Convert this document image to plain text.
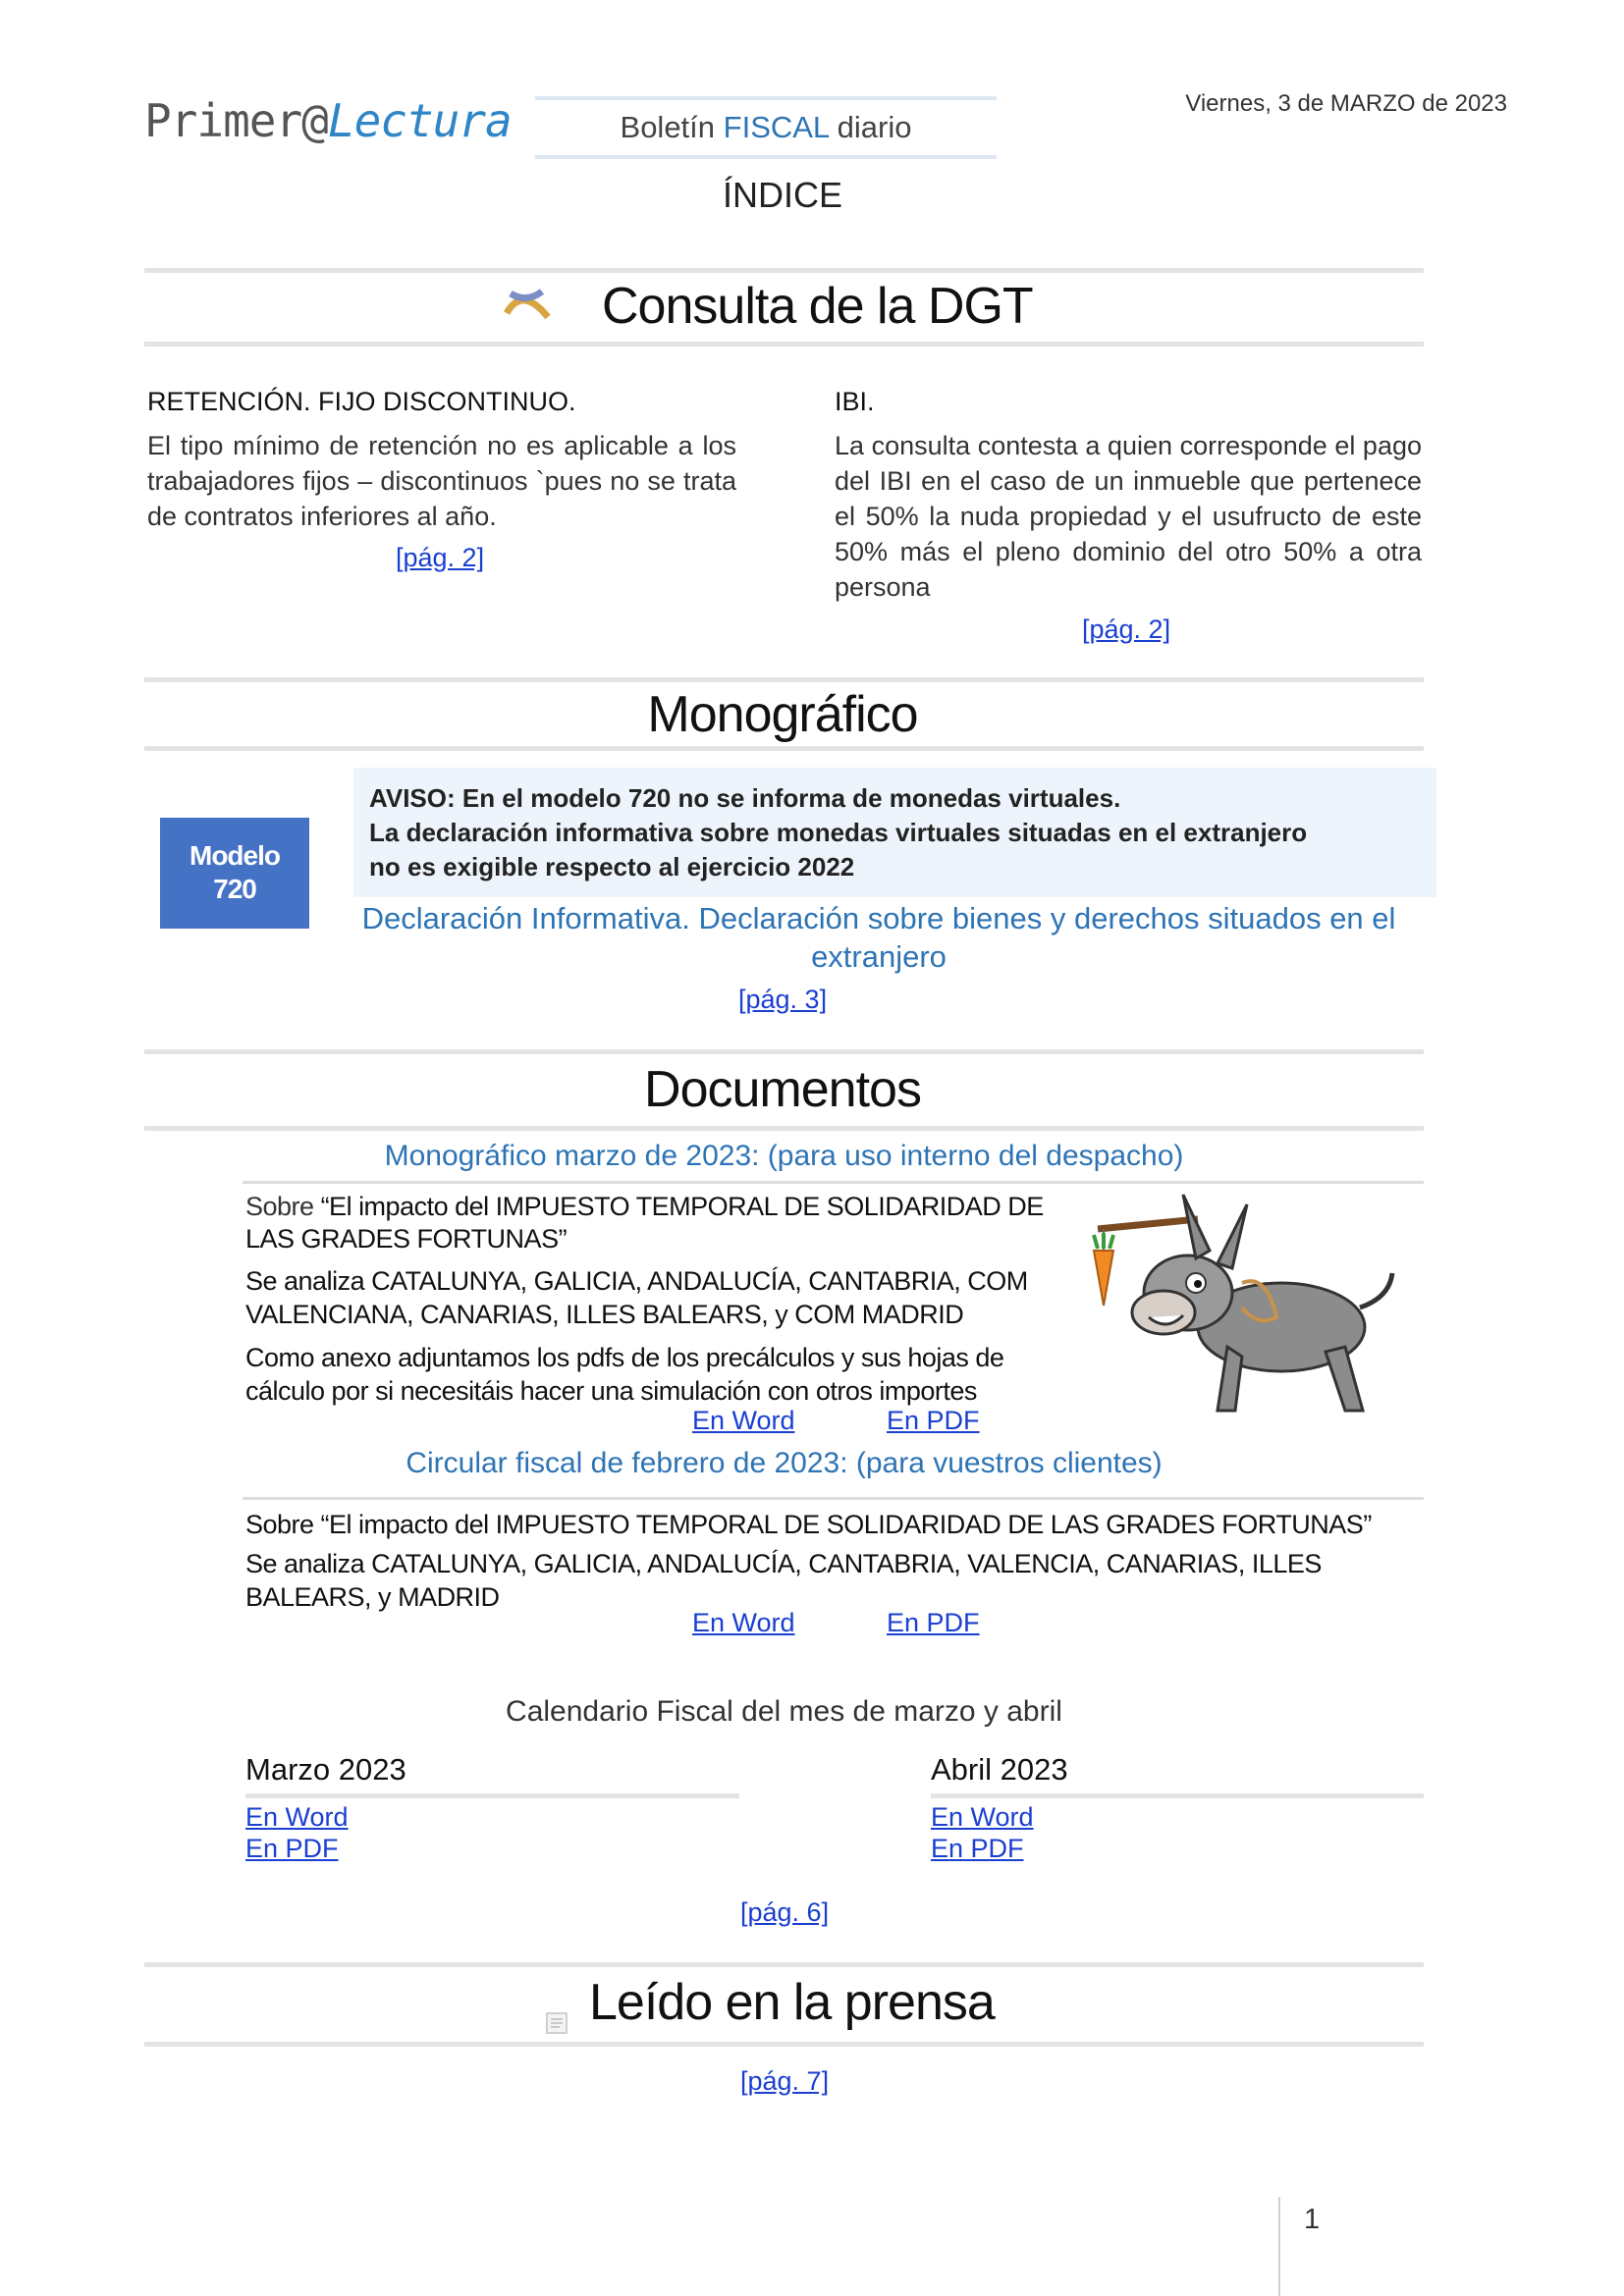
Primer@Lectura	Boletín FISCAL diario
Viernes, 3 de MARZO de 2023
ÍNDICE
Consulta de la DGT
RETENCIÓN. FIJO DISCONTINUO.
El tipo mínimo de retención no es aplicable a los trabajadores fijos – discontinuos `pues no se trata de contratos inferiores al año.
[pág. 2]
IBI.
La consulta contesta a quien corresponde el pago del IBI en el caso de un inmueble que pertenece el 50% la nuda propiedad y el usufructo de este 50% más el pleno dominio del otro 50% a otra persona
[pág. 2]
Monográfico
Modelo
720
AVISO: En el modelo 720 no se informa de monedas virtuales.
La declaración informativa sobre monedas virtuales situadas en el extranjero
no es exigible respecto al ejercicio 2022
Declaración Informativa. Declaración sobre bienes y derechos situados en el extranjero
[pág. 3]
Documentos
Monográfico marzo de 2023: (para uso interno del despacho)
Sobre “El impacto del IMPUESTO TEMPORAL DE SOLIDARIDAD DE LAS GRADES FORTUNAS”
Se analiza CATALUNYA, GALICIA, ANDALUCÍA, CANTABRIA, COM VALENCIANA, CANARIAS, ILLES BALEARS, y COM MADRID
Como anexo adjuntamos los pdfs de los precálculos y sus hojas de cálculo por si necesitáis hacer una simulación con otros importes
En Word	En PDF
Circular fiscal de febrero de 2023: (para vuestros clientes)
Sobre “El impacto del IMPUESTO TEMPORAL DE SOLIDARIDAD DE LAS GRADES FORTUNAS”
Se analiza CATALUNYA, GALICIA, ANDALUCÍA, CANTABRIA, VALENCIA, CANARIAS, ILLES BALEARS, y MADRID
En Word	En PDF
Calendario Fiscal del mes de marzo y abril
Marzo 2023
En Word
En PDF
Abril 2023
En Word
En PDF
[pág. 6]
Leído en la prensa
[pág. 7]
1
